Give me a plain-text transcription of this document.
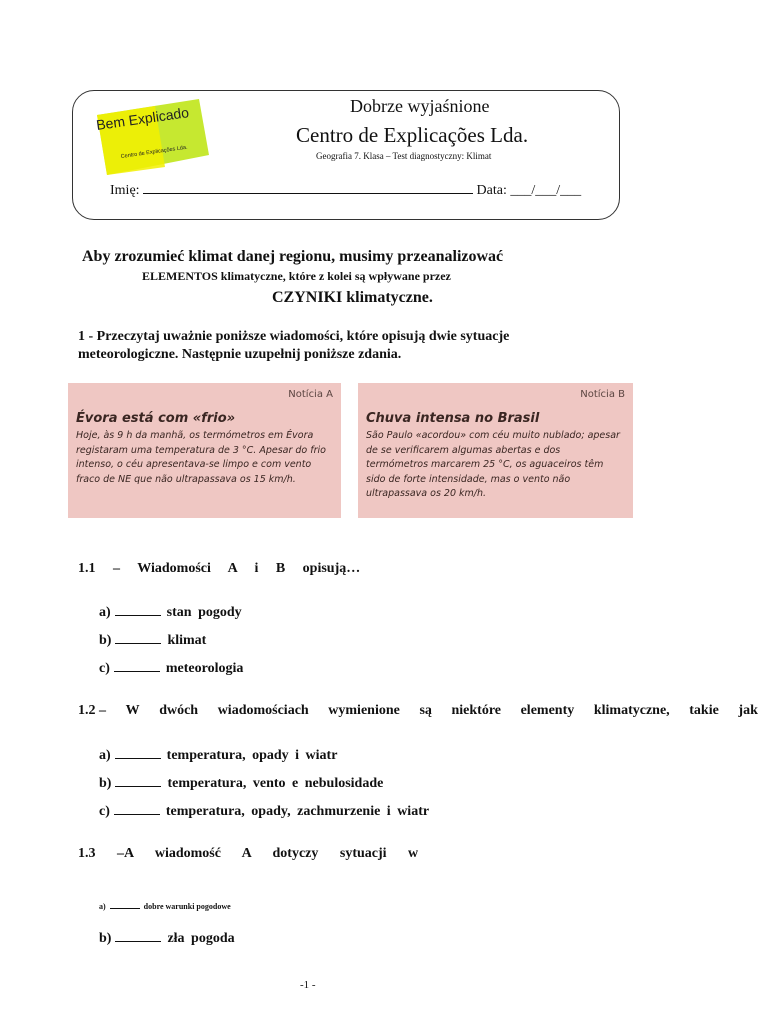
Bem Explicado
Centro de Explicações Lda.
Dobrze wyjaśnione
Centro de Explicações Lda.
Geografia 7. Klasa – Test diagnostyczny: Klimat
Imię:	Data: ___/___/___
Aby zrozumieć klimat danej regionu, musimy przeanalizować
ELEMENTOS klimatyczne, które z kolei są wpływane przez
CZYNIKI klimatyczne.
1 - Przeczytaj uważnie poniższe wiadomości, które opisują dwie sytuacje
meteorologiczne. Następnie uzupełnij poniższe zdania.
Notícia A
Évora está com «frio»
Hoje, às 9 h da manhã, os termómetros em Évora registaram uma temperatura de 3 °C. Apesar do frio intenso, o céu apresentava-se limpo e com vento fraco de NE que não ultrapassava os 15 km/h.
Notícia B
Chuva intensa no Brasil
São Paulo «acordou» com céu muito nublado; apesar de se verificarem algumas abertas e dos termómetros marcarem 25 °C, os aguaceiros têm sido de forte intensidade, mas o vento não ultrapassava os 20 km/h.
1.1 – Wiadomości A i B opisują…
a)	stan pogody
b)	klimat
c)	meteorologia
1.2 – W dwóch wiadomościach wymienione są niektóre elementy klimatyczne, takie jak
a)	temperatura, opady i wiatr
b)	temperatura, vento e nebulosidade
c)	temperatura, opady, zachmurzenie i wiatr
1.3 –A wiadomość A dotyczy sytuacji w
a)	dobre warunki pogodowe
b)	zła pogoda
-1 -
